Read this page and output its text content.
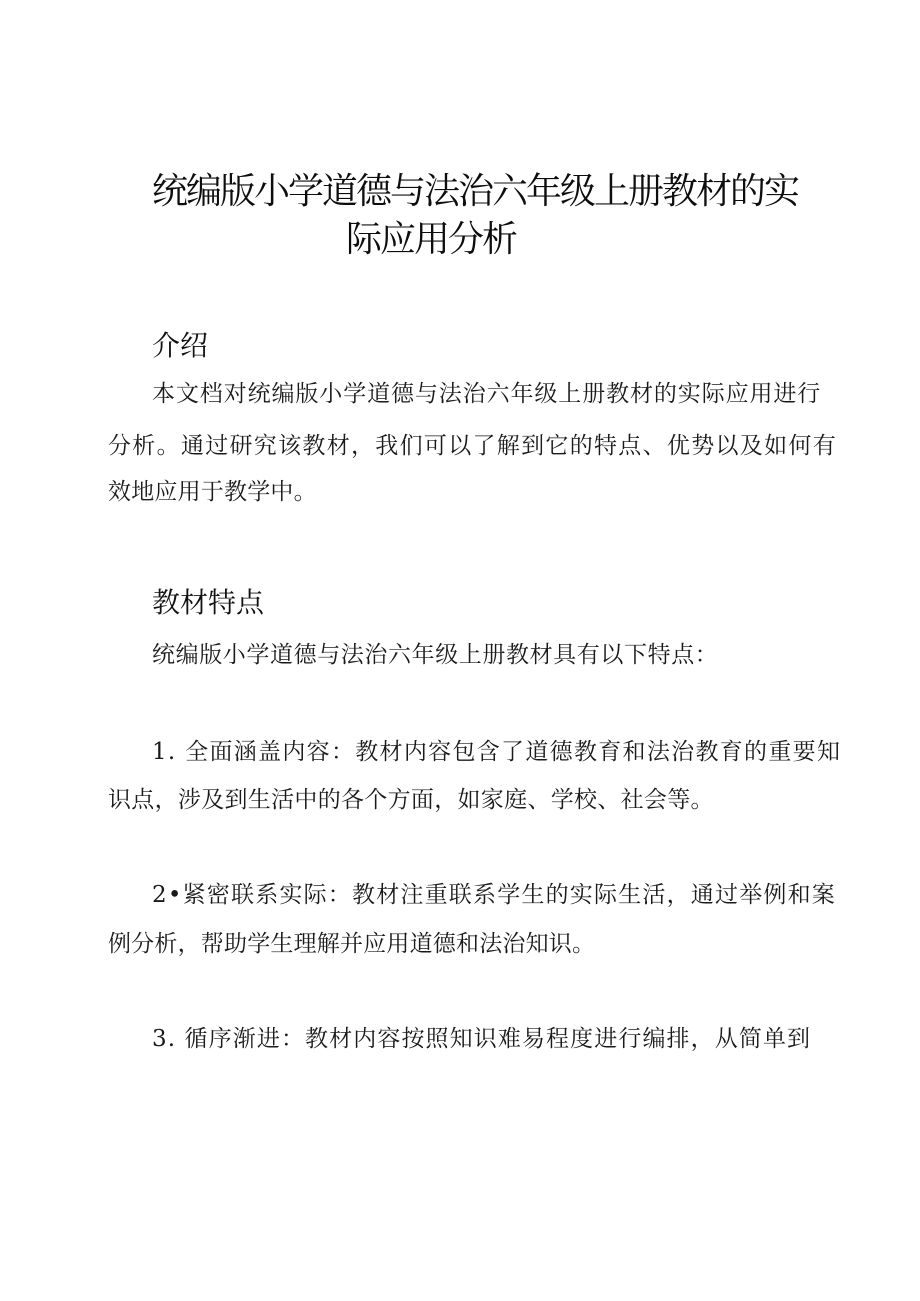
统编版小学道德与法治六年级上册教材的实
际应用分析
介绍
本文档对统编版小学道德与法治六年级上册教材的实际应用进行
分析。通过研究该教材，我们可以了解到它的特点、优势以及如何有
效地应用于教学中。
教材特点
统编版小学道德与法治六年级上册教材具有以下特点：
1. 全面涵盖内容：教材内容包含了道德教育和法治教育的重要知
识点，涉及到生活中的各个方面，如家庭、学校、社会等。
2•紧密联系实际：教材注重联系学生的实际生活，通过举例和案
例分析，帮助学生理解并应用道德和法治知识。
3. 循序渐进：教材内容按照知识难易程度进行编排，从简单到
